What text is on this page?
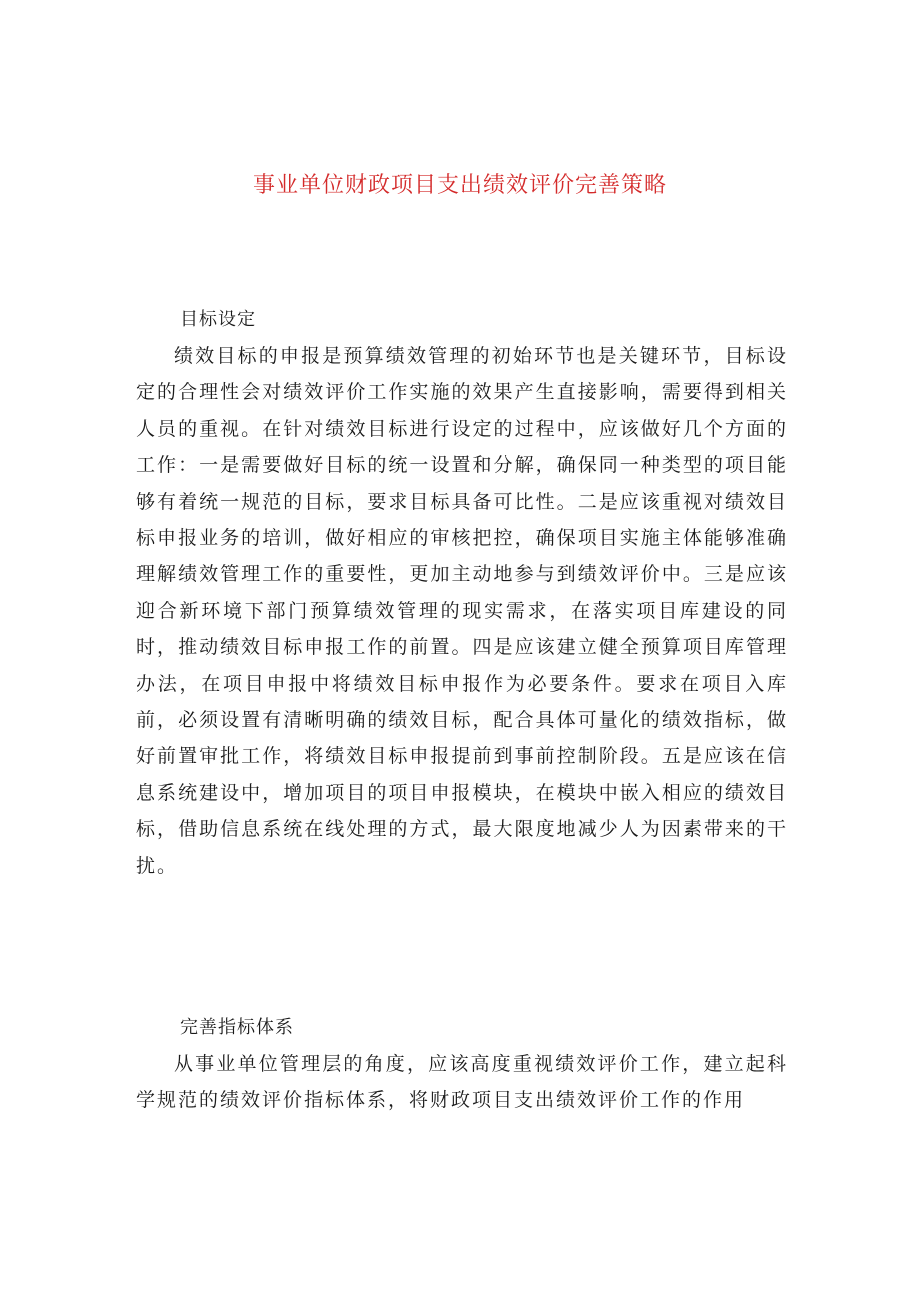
事业单位财政项目支出绩效评价完善策略

目标设定

绩效目标的申报是预算绩效管理的初始环节也是关键环节，目标设定的合理性会对绩效评价工作实施的效果产生直接影响，需要得到相关人员的重视。在针对绩效目标进行设定的过程中，应该做好几个方面的工作：一是需要做好目标的统一设置和分解，确保同一种类型的项目能够有着统一规范的目标，要求目标具备可比性。二是应该重视对绩效目标申报业务的培训，做好相应的审核把控，确保项目实施主体能够准确理解绩效管理工作的重要性，更加主动地参与到绩效评价中。三是应该迎合新环境下部门预算绩效管理的现实需求，在落实项目库建设的同时，推动绩效目标申报工作的前置。四是应该建立健全预算项目库管理办法，在项目申报中将绩效目标申报作为必要条件。要求在项目入库前，必须设置有清晰明确的绩效目标，配合具体可量化的绩效指标，做好前置审批工作，将绩效目标申报提前到事前控制阶段。五是应该在信息系统建设中，增加项目的项目申报模块，在模块中嵌入相应的绩效目标，借助信息系统在线处理的方式，最大限度地减少人为因素带来的干扰。

完善指标体系

从事业单位管理层的角度，应该高度重视绩效评价工作，建立起科学规范的绩效评价指标体系，将财政项目支出绩效评价工作的作用
